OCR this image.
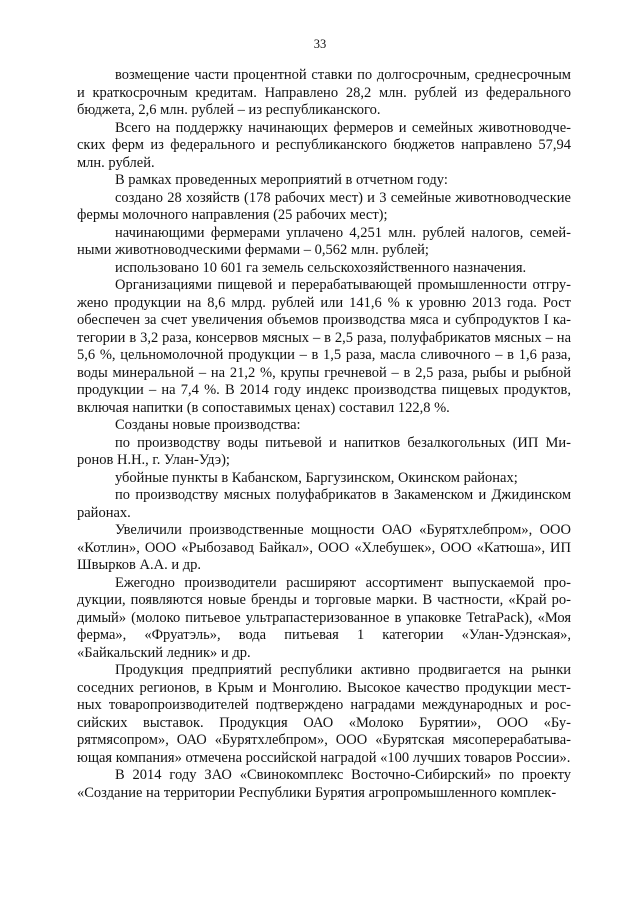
33

возмещение части процентной ставки по долгосрочным, среднесрочным и краткосрочным кредитам. Направлено 28,2 млн. рублей из федерального бюджета, 2,6 млн. рублей – из республиканского.

Всего на поддержку начинающих фермеров и семейных животноводческих ферм из федерального и республиканского бюджетов направлено 57,94 млн. рублей.

В рамках проведенных мероприятий в отчетном году:

создано 28 хозяйств (178 рабочих мест) и 3 семейные животноводческие фермы молочного направления (25 рабочих мест);

начинающими фермерами уплачено 4,251 млн. рублей налогов, семейными животноводческими фермами – 0,562 млн. рублей;

использовано 10 601 га земель сельскохозяйственного назначения.

Организациями пищевой и перерабатывающей промышленности отгружено продукции на 8,6 млрд. рублей или 141,6 % к уровню 2013 года. Рост обеспечен за счет увеличения объемов производства мяса и субпродуктов I категории в 3,2 раза, консервов мясных – в 2,5 раза, полуфабрикатов мясных – на 5,6 %, цельномолочной продукции – в 1,5 раза, масла сливочного – в 1,6 раза, воды минеральной – на 21,2 %, крупы гречневой – в 2,5 раза, рыбы и рыбной продукции – на 7,4 %. В 2014 году индекс производства пищевых продуктов, включая напитки (в сопоставимых ценах) составил 122,8 %.

Созданы новые производства:

по производству воды питьевой и напитков безалкогольных (ИП Миронов Н.Н., г. Улан-Удэ);

убойные пункты в Кабанском, Баргузинском, Окинском районах;

по производству мясных полуфабрикатов в Закаменском и Джидинском районах.

Увеличили производственные мощности ОАО «Бурятхлебпром», ООО «Котлин», ООО «Рыбозавод Байкал», ООО «Хлебушек», ООО «Катюша», ИП Швырков А.А. и др.

Ежегодно производители расширяют ассортимент выпускаемой продукции, появляются новые бренды и торговые марки. В частности, «Край родимый» (молоко питьевое ультрапастеризованное в упаковке TetraPack), «Моя ферма», «Фруатэль», вода питьевая 1 категории «Улан-Удэнская», «Байкальский ледник» и др.

Продукция предприятий республики активно продвигается на рынки соседних регионов, в Крым и Монголию. Высокое качество продукции местных товаропроизводителей подтверждено наградами международных и российских выставок. Продукция ОАО «Молоко Бурятии», ООО «Бурятмясопром», ОАО «Бурятхлебпром», ООО «Бурятская мясоперерабатывающая компания» отмечена российской наградой «100 лучших товаров России».

В 2014 году ЗАО «Свинокомплекс Восточно-Сибирский» по проекту «Создание на территории Республики Бурятия агропромышленного комплек-
